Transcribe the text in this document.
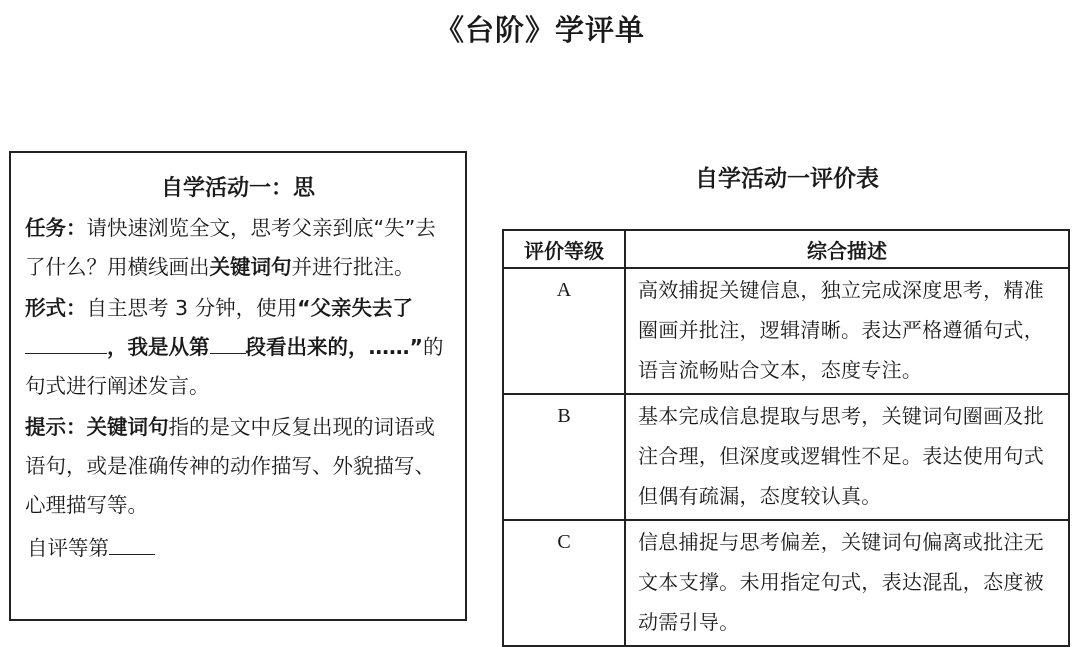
《台阶》学评单
自学活动一：思

任务：请快速浏览全文，思考父亲到底“失”去了什么？用横线画出关键词句并进行批注。

形式：自主思考 3 分钟，使用“父亲失去了，我是从第 段看出来的，……”的句式进行阐述发言。

提示：关键词句指的是文中反复出现的词语或语句，或是准确传神的动作描写、外貌描写、心理描写等。

自评等第

自学活动一评价表
评价等级	综合描述
A	高效捕捉关键信息，独立完成深度思考，精准圈画并批注，逻辑清晰。表达严格遵循句式，语言流畅贴合文本，态度专注。
B	基本完成信息提取与思考，关键词句圈画及批注合理，但深度或逻辑性不足。表达使用句式但偶有疏漏，态度较认真。
C	信息捕捉与思考偏差，关键词句偏离或批注无文本支撑。未用指定句式，表达混乱，态度被动需引导。
